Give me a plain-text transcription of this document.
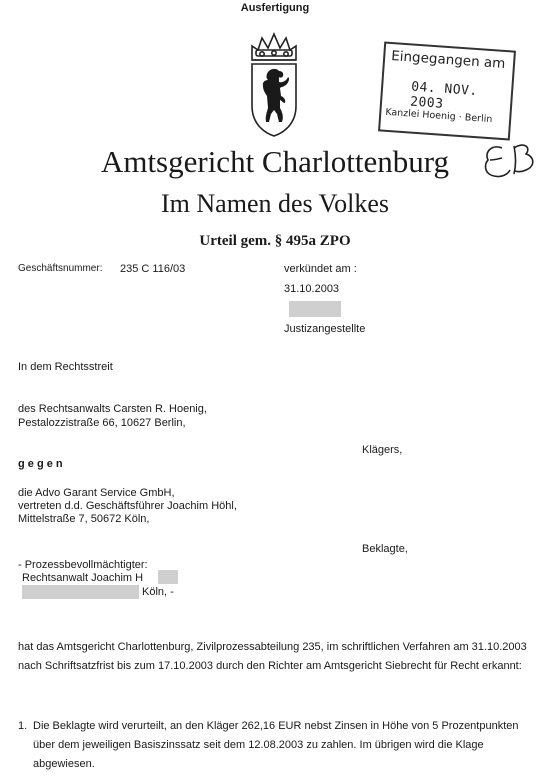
Ausfertigung
Eingegangen am
04. NOV. 2003
Kanzlei Hoenig · Berlin
Amtsgericht Charlottenburg
Im Namen des Volkes
Urteil gem. § 495a ZPO
Geschäftsnummer: 235 C 116/03	verkündet am :
31.10.2003
Justizangestellte
In dem Rechtsstreit
des Rechtsanwalts Carsten R. Hoenig,
Pestalozzistraße 66, 10627 Berlin,
Klägers,
g e g e n
die Advo Garant Service GmbH,
vertreten d.d. Geschäftsführer Joachim Höhl,
Mittelstraße 7, 50672 Köln,
Beklagte,
- Prozessbevollmächtigter:
Rechtsanwalt Joachim H
Köln, -
hat das Amtsgericht Charlottenburg, Zivilprozessabteilung 235, im schriftlichen Verfahren am 31.10.2003 nach Schriftsatzfrist bis zum 17.10.2003 durch den Richter am Amtsgericht Siebrecht für Recht erkannt:
1. Die Beklagte wird verurteilt, an den Kläger 262,16 EUR nebst Zinsen in Höhe von 5 Prozentpunkten über dem jeweiligen Basiszinssatz seit dem 12.08.2003 zu zahlen. Im übrigen wird die Klage abgewiesen.
